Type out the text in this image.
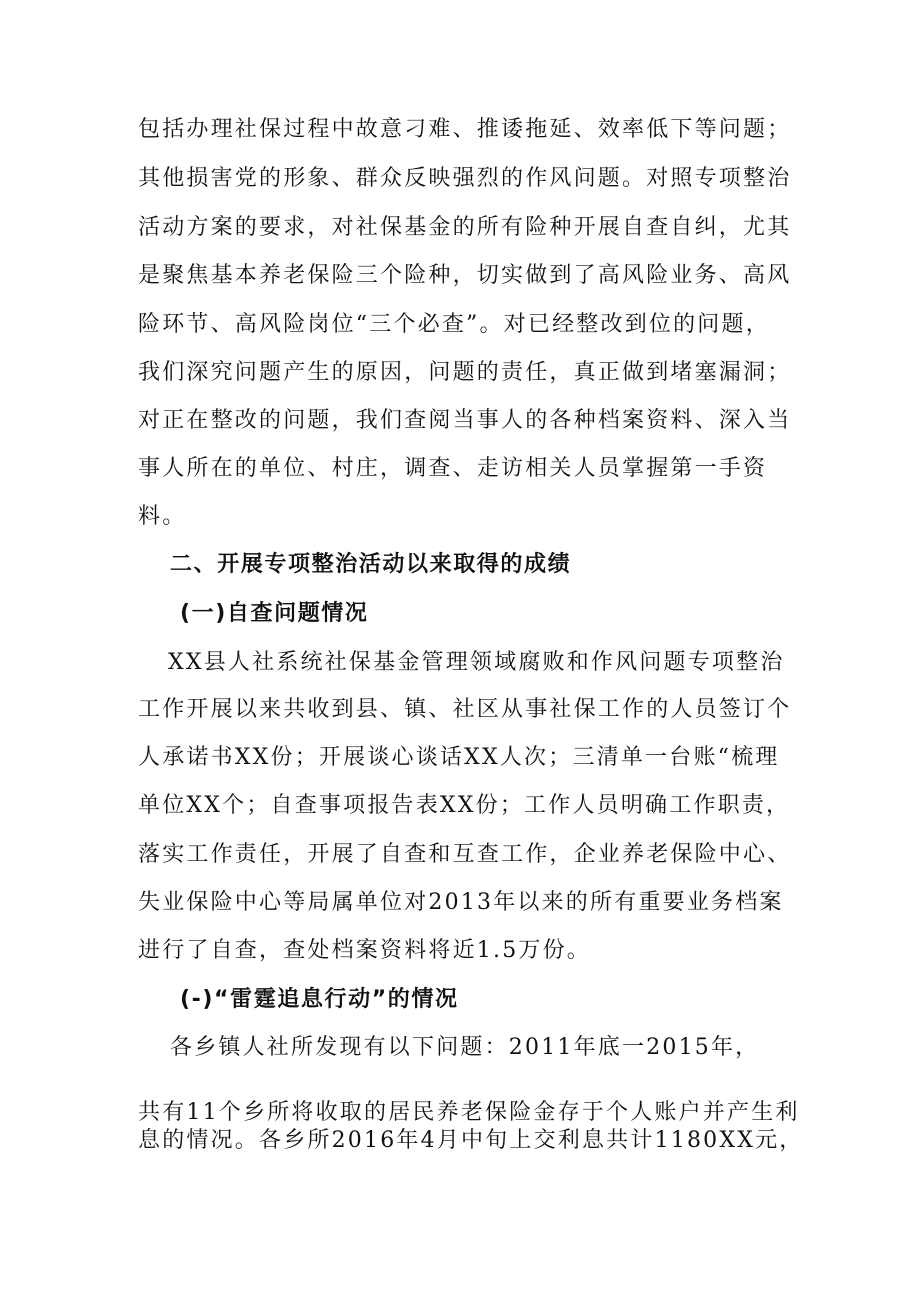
包括办理社保过程中故意刁难、推诿拖延、效率低下等问题；
其他损害党的形象、群众反映强烈的作风问题。对照专项整治
活动方案的要求，对社保基金的所有险种开展自查自纠，尤其
是聚焦基本养老保险三个险种，切实做到了高风险业务、高风
险环节、高风险岗位“三个必查”。对已经整改到位的问题，
我们深究问题产生的原因，问题的责任，真正做到堵塞漏洞；
对正在整改的问题，我们查阅当事人的各种档案资料、深入当
事人所在的单位、村庄，调查、走访相关人员掌握第一手资
料。
二、开展专项整治活动以来取得的成绩
(一)自查问题情况
XX县人社系统社保基金管理领域腐败和作风问题专项整治
工作开展以来共收到县、镇、社区从事社保工作的人员签订个
人承诺书XX份；开展谈心谈话XX人次；三清单一台账“梳理
单位XX个；自查事项报告表XX份；工作人员明确工作职责，
落实工作责任，开展了自查和互查工作，企业养老保险中心、
失业保险中心等局属单位对2013年以来的所有重要业务档案
进行了自查，查处档案资料将近1.5万份。
(-)“雷霆追息行动”的情况
各乡镇人社所发现有以下问题：2011年底一2015年，
共有11个乡所将收取的居民养老保险金存于个人账户并产生利
息的情况。各乡所2016年4月中旬上交利息共计1180XX元，
